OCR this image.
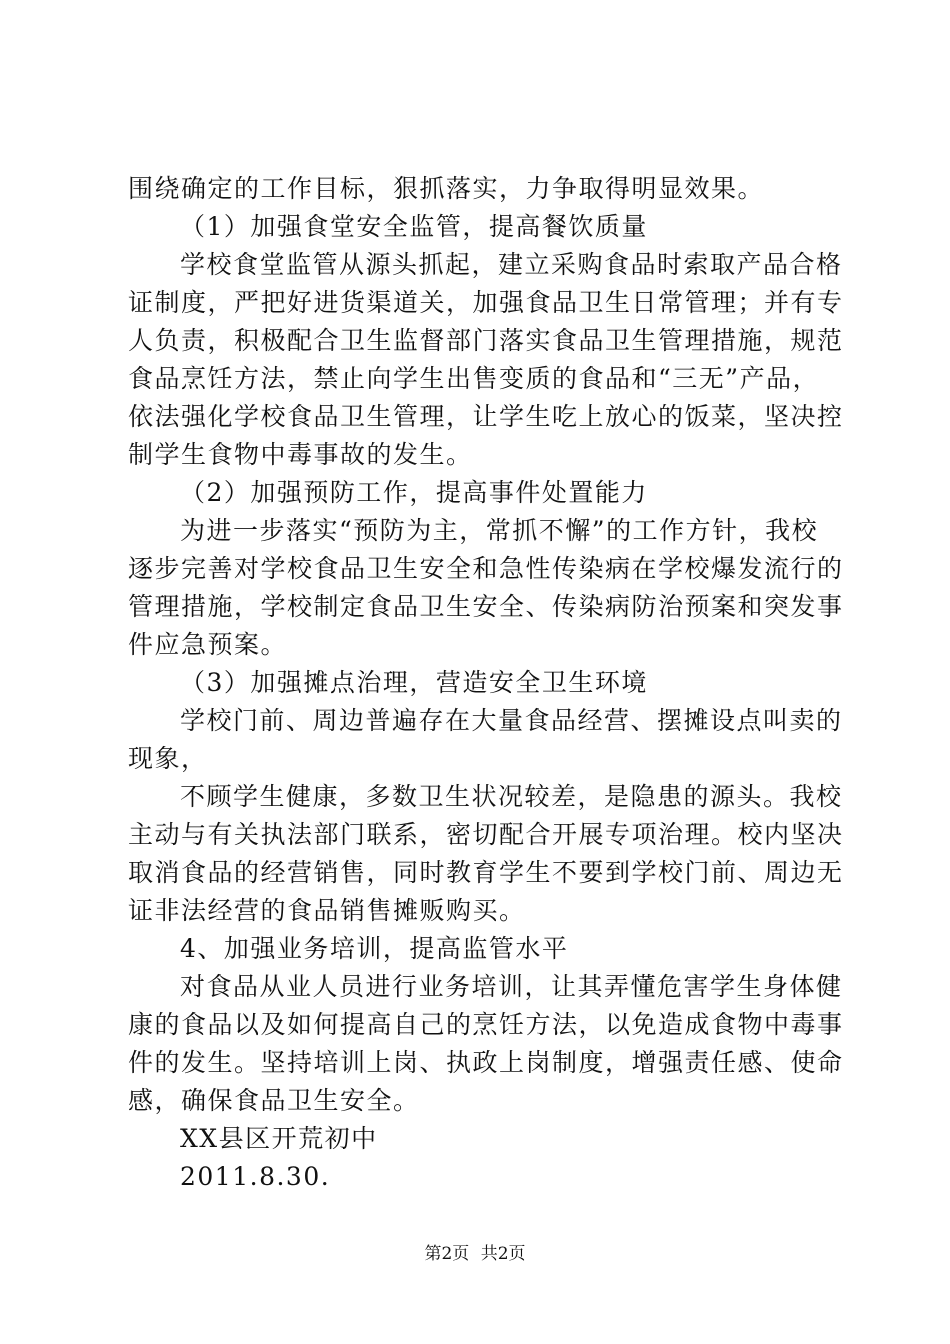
围绕确定的工作目标，狠抓落实，力争取得明显效果。
（1）加强食堂安全监管，提高餐饮质量
学校食堂监管从源头抓起，建立采购食品时索取产品合格
证制度，严把好进货渠道关，加强食品卫生日常管理；并有专
人负责，积极配合卫生监督部门落实食品卫生管理措施，规范
食品烹饪方法，禁止向学生出售变质的食品和“三无”产品，
依法强化学校食品卫生管理，让学生吃上放心的饭菜，坚决控
制学生食物中毒事故的发生。
（2）加强预防工作，提高事件处置能力
为进一步落实“预防为主，常抓不懈”的工作方针，我校
逐步完善对学校食品卫生安全和急性传染病在学校爆发流行的
管理措施，学校制定食品卫生安全、传染病防治预案和突发事
件应急预案。
（3）加强摊点治理，营造安全卫生环境
学校门前、周边普遍存在大量食品经营、摆摊设点叫卖的
现象，
不顾学生健康，多数卫生状况较差，是隐患的源头。我校
主动与有关执法部门联系，密切配合开展专项治理。校内坚决
取消食品的经营销售，同时教育学生不要到学校门前、周边无
证非法经营的食品销售摊贩购买。
4、加强业务培训，提高监管水平
对食品从业人员进行业务培训，让其弄懂危害学生身体健
康的食品以及如何提高自己的烹饪方法，以免造成食物中毒事
件的发生。坚持培训上岗、执政上岗制度，增强责任感、使命
感，确保食品卫生安全。
XX县区开荒初中
2011.8.30.
第2页 共2页
